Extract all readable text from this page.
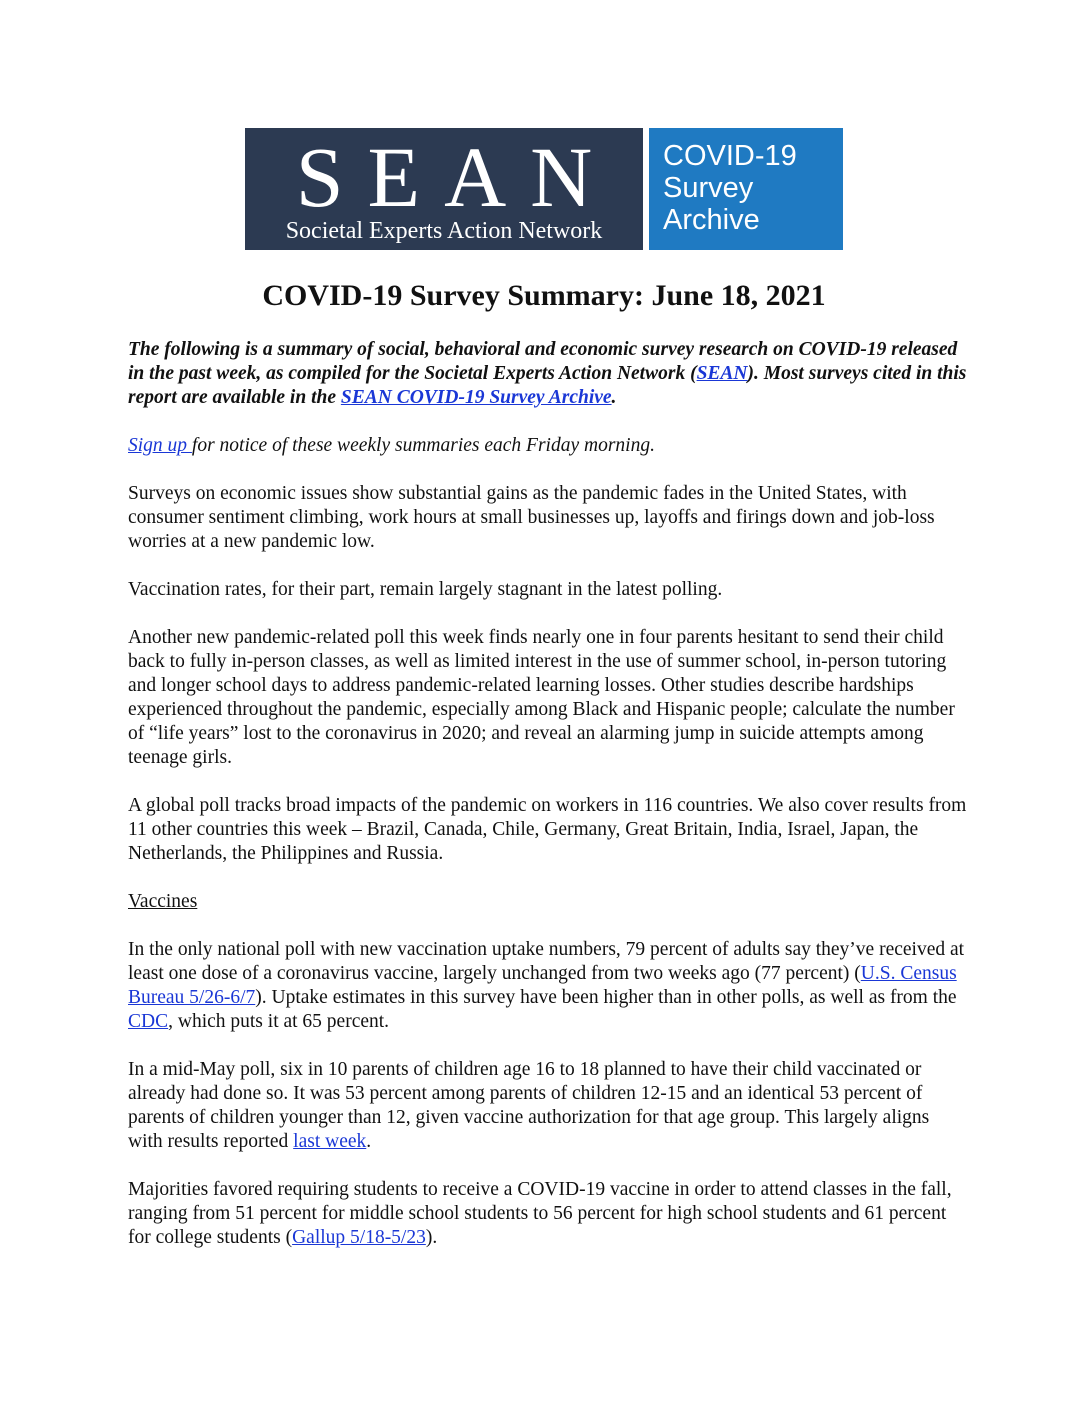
SEAN
Societal Experts Action Network
COVID-19
Survey
Archive
COVID-19 Survey Summary: June 18, 2021

The following is a summary of social, behavioral and economic survey research on COVID-19 released in the past week, as compiled for the Societal Experts Action Network (SEAN). Most surveys cited in this report are available in the SEAN COVID-19 Survey Archive.

Sign up for notice of these weekly summaries each Friday morning.

Surveys on economic issues show substantial gains as the pandemic fades in the United States, with consumer sentiment climbing, work hours at small businesses up, layoffs and firings down and job-loss worries at a new pandemic low.

Vaccination rates, for their part, remain largely stagnant in the latest polling.

Another new pandemic-related poll this week finds nearly one in four parents hesitant to send their child back to fully in-person classes, as well as limited interest in the use of summer school, in-person tutoring and longer school days to address pandemic-related learning losses. Other studies describe hardships experienced throughout the pandemic, especially among Black and Hispanic people; calculate the number of “life years” lost to the coronavirus in 2020; and reveal an alarming jump in suicide attempts among teenage girls.

A global poll tracks broad impacts of the pandemic on workers in 116 countries. We also cover results from 11 other countries this week – Brazil, Canada, Chile, Germany, Great Britain, India, Israel, Japan, the Netherlands, the Philippines and Russia.

Vaccines

In the only national poll with new vaccination uptake numbers, 79 percent of adults say they’ve received at least one dose of a coronavirus vaccine, largely unchanged from two weeks ago (77 percent) (U.S. Census Bureau 5/26-6/7). Uptake estimates in this survey have been higher than in other polls, as well as from the CDC, which puts it at 65 percent.

In a mid-May poll, six in 10 parents of children age 16 to 18 planned to have their child vaccinated or already had done so. It was 53 percent among parents of children 12-15 and an identical 53 percent of parents of children younger than 12, given vaccine authorization for that age group. This largely aligns with results reported last week.

Majorities favored requiring students to receive a COVID-19 vaccine in order to attend classes in the fall, ranging from 51 percent for middle school students to 56 percent for high school students and 61 percent for college students (Gallup 5/18-5/23).
